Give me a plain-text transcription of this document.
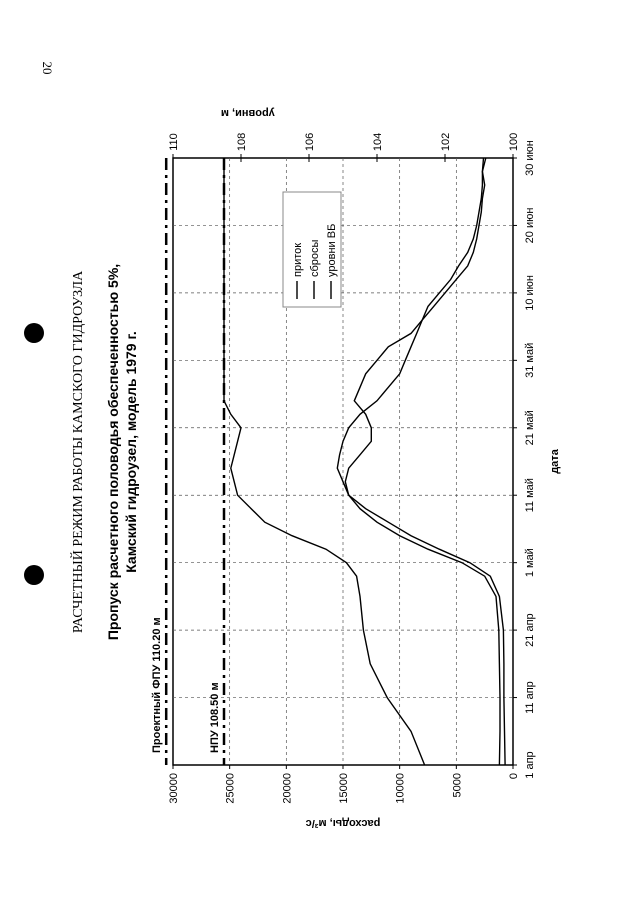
20
РАСЧЕТНЫЙ РЕЖИМ РАБОТЫ КАМСКОГО ГИДРОУЗЛА Пропуск расчетного половодья обеспеченностью 5%, Камский гидроузел, модель 1979 г.
1 апр
11 апр
21 апр
1 май
11 май
21 май
31 май
10 июн
20 июн
30 июн
0
5000
10000
15000
20000
25000
30000
100
102
104
106
108
110
дата
расходы, м³/с
уровни, м
Проектный ФПУ 110.20 м	НПУ 108.50 м
приток сбросы уровни ВБ
